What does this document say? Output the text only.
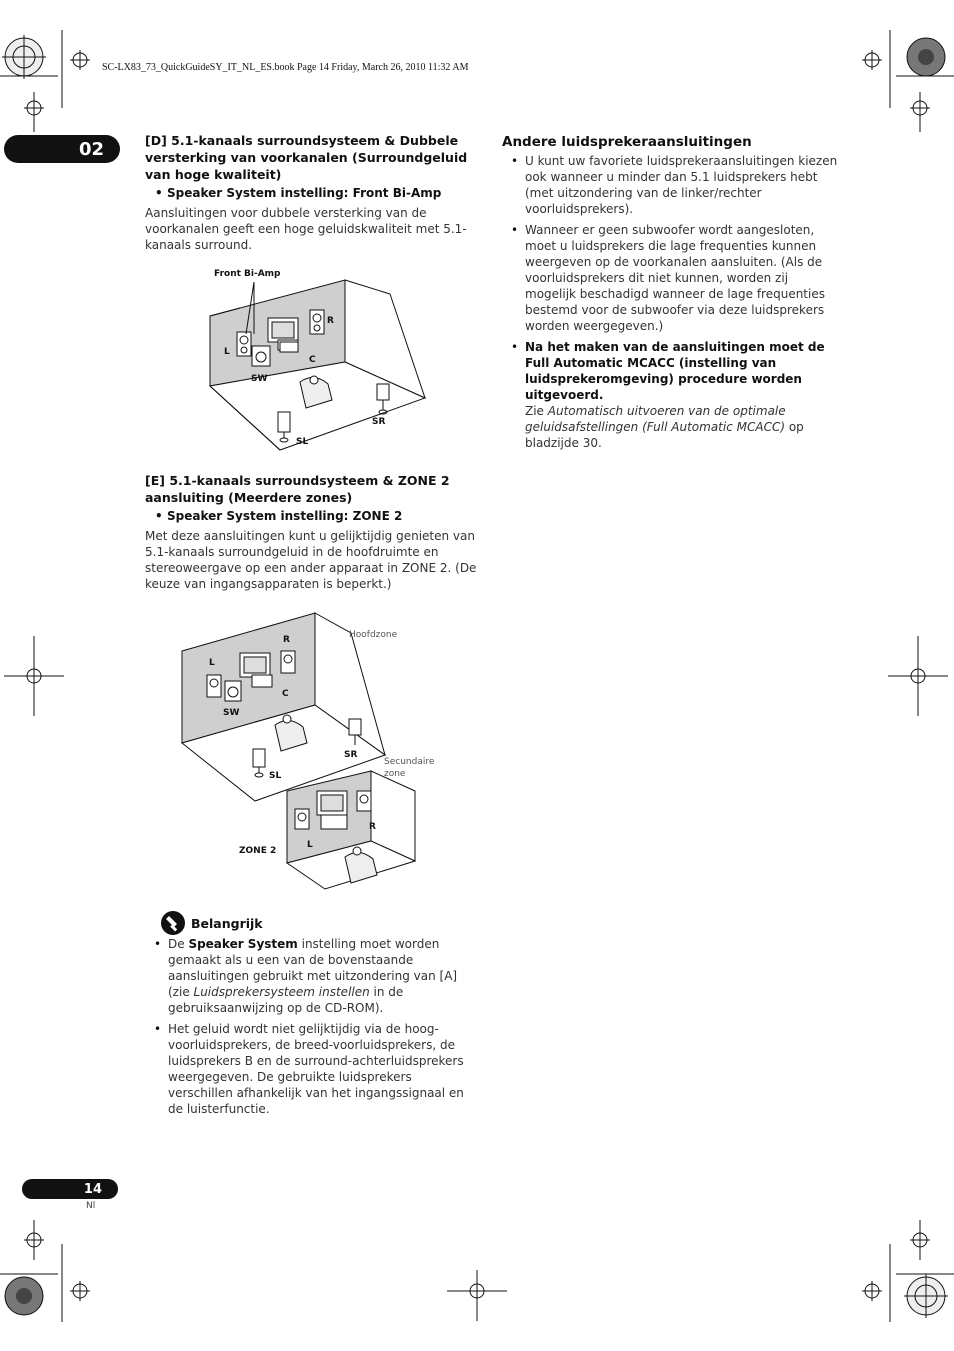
SC-LX83_73_QuickGuideSY_IT_NL_ES.book Page 14 Friday, March 26, 2010 11:32 AM
02	[D] 5.1-kanaals surroundsysteem & Dubbele versterking van voorkanalen (Surroundgeluid van hoge kwaliteit)
• Speaker System instelling: Front Bi-Amp

Aansluitingen voor dubbele versterking van de voorkanalen geeft een hoge geluidskwaliteit met 5.1-kanaals surround.

Front Bi-Amp
L
R
C
SW
SL
SR
[E] 5.1-kanaals surroundsysteem & ZONE 2 aansluiting (Meerdere zones)
• Speaker System instelling: ZONE 2

Met deze aansluitingen kunt u gelijktijdig genieten van 5.1-kanaals surroundgeluid in de hoofdruimte en stereoweergave op een ander apparaat in ZONE 2. (De keuze van ingangsapparaten is beperkt.)

Hoofdzone
Secundaire
zone
L
R
C
SW
SL
SR
ZONE 2
L
R
Belangrijk
• De Speaker System instelling moet worden gemaakt als u een van de bovenstaande aansluitingen gebruikt met uitzondering van [A] (zie Luidsprekersysteem instellen in de gebruiksaanwijzing op de CD-ROM).
• Het geluid wordt niet gelijktijdig via de hoog-voorluidsprekers, de breed-voorluidsprekers, de luidsprekers B en de surround-achterluidsprekers weergegeven. De gebruikte luidsprekers verschillen afhankelijk van het ingangssignaal en de luisterfunctie.
Andere luidsprekeraansluitingen
• U kunt uw favoriete luidsprekeraansluitingen kiezen ook wanneer u minder dan 5.1 luidsprekers hebt (met uitzondering van de linker/rechter voorluidsprekers).
• Wanneer er geen subwoofer wordt aangesloten, moet u luidsprekers die lage frequenties kunnen weergeven op de voorkanalen aansluiten. (Als de voorluidsprekers dit niet kunnen, worden zij mogelijk beschadigd wanneer de lage frequenties bestemd voor de subwoofer via deze luidsprekers worden weergegeven.)
• Na het maken van de aansluitingen moet de Full Automatic MCACC (instelling van luidsprekeromgeving) procedure worden uitgevoerd.
Zie Automatisch uitvoeren van de optimale geluidsafstellingen (Full Automatic MCACC) op bladzijde 30.
14
Nl
